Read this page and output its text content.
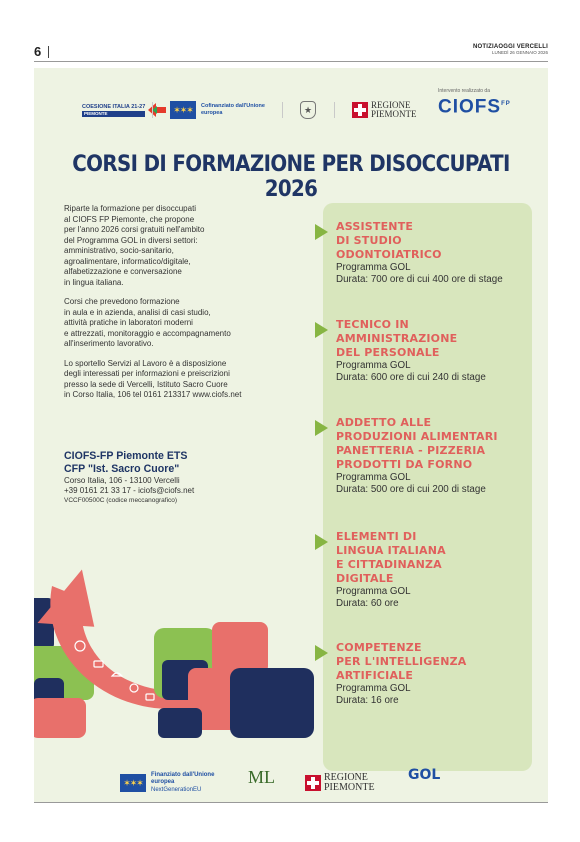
6	NOTIZIAOGGI VERCELLI
LUNEDÌ 26 GENNAIO 2026
COESIONE ITALIA 21-27
PIEMONTE	✶✶✶ Cofinanziato dall'Unione europea	★	REGIONE PIEMONTE
Intervento realizzato da
$CIOFS^{FP}$
CORSI DI FORMAZIONE PER DISOCCUPATI 2026

Riparte la formazione per disoccupati
al CIOFS FP Piemonte, che propone
per l'anno 2026 corsi gratuiti nell'ambito
del Programma GOL in diversi settori:
amministrativo, socio-sanitario,
agroalimentare, informatico/digitale,
alfabetizzazione e conversazione
in lingua italiana.

Corsi che prevedono formazione
in aula e in azienda, analisi di casi studio,
attività pratiche in laboratori moderni
e attrezzati, monitoraggio e accompagnamento
all'inserimento lavorativo.

Lo sportello Servizi al Lavoro è a disposizione
degli interessati per informazioni e preiscrizioni
presso la sede di Vercelli, Istituto Sacro Cuore
in Corso Italia, 106 tel 0161 213317 www.ciofs.net

CIOFS-FP Piemonte ETS
CFP "Ist. Sacro Cuore"
Corso Italia, 106 - 13100 Vercelli
+39 0161 21 33 17 - iciofs@ciofs.net
VCCF00500C (codice meccanografico)
ASSISTENTE
DI STUDIO
ODONTOIATRICO
Programma GOL
Durata: 700 ore di cui 400 ore di stage
TECNICO IN
AMMINISTRAZIONE
DEL PERSONALE
Programma GOL
Durata: 600 ore di cui 240 di stage
ADDETTO ALLE
PRODUZIONI ALIMENTARI
PANETTERIA - PIZZERIA
PRODOTTI DA FORNO
Programma GOL
Durata: 500 ore di cui 200 di stage
ELEMENTI DI
LINGUA ITALIANA
E CITTADINANZA
DIGITALE
Programma GOL
Durata: 60 ore
COMPETENZE
PER L'INTELLIGENZA
ARTIFICIALE
Programma GOL
Durata: 16 ore
✶✶✶
Finanziato dall'Unione europea
NextGenerationEU
ML	REGIONE PIEMONTE
GOL
